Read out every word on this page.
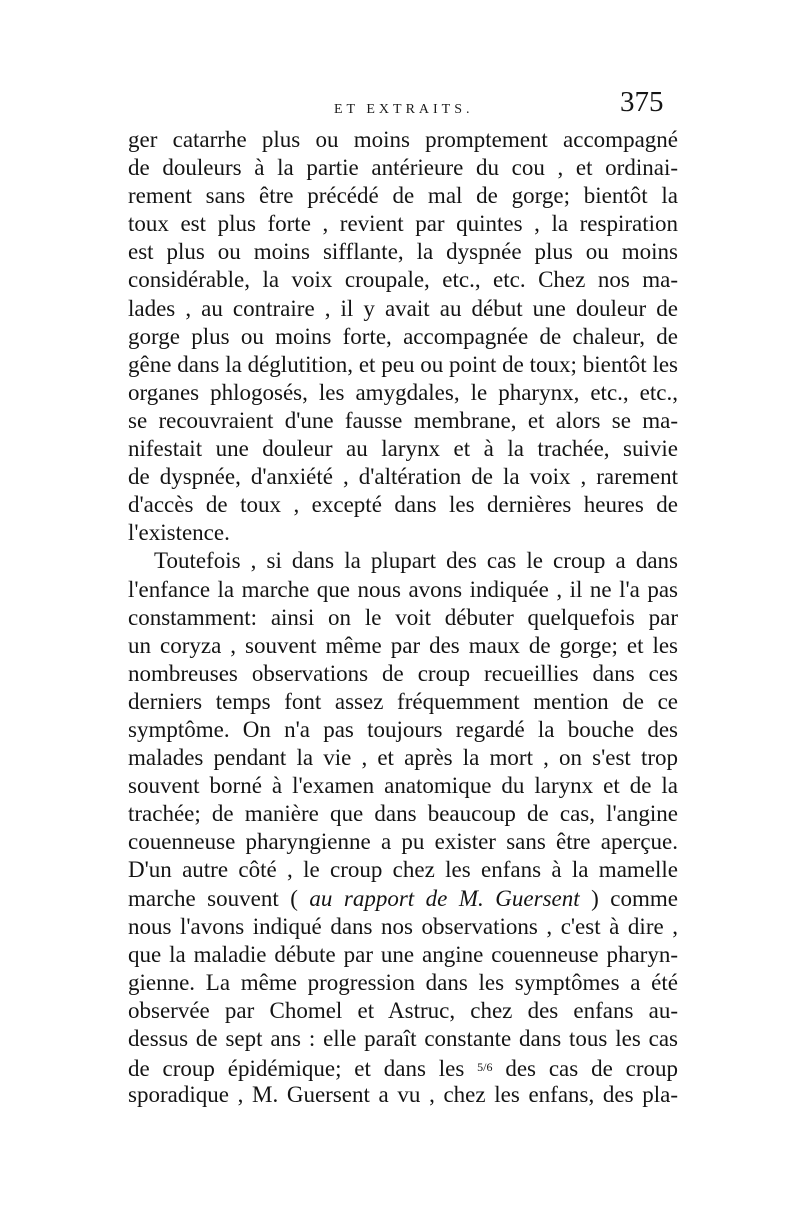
ET EXTRAITS.	375
ger catarrhe plus ou moins promptement accompagné
de douleurs à la partie antérieure du cou , et ordinai-
rement sans être précédé de mal de gorge; bientôt la
toux est plus forte , revient par quintes , la respiration
est plus ou moins sifflante, la dyspnée plus ou moins
considérable, la voix croupale, etc., etc. Chez nos ma-
lades , au contraire , il y avait au début une douleur de
gorge plus ou moins forte, accompagnée de chaleur, de
gêne dans la déglutition, et peu ou point de toux; bientôt les
organes phlogosés, les amygdales, le pharynx, etc., etc.,
se recouvraient d'une fausse membrane, et alors se ma-
nifestait une douleur au larynx et à la trachée, suivie
de dyspnée, d'anxiété , d'altération de la voix , rarement
d'accès de toux , excepté dans les dernières heures de
l'existence.
Toutefois , si dans la plupart des cas le croup a dans
l'enfance la marche que nous avons indiquée , il ne l'a pas
constamment: ainsi on le voit débuter quelquefois par
un coryza , souvent même par des maux de gorge; et les
nombreuses observations de croup recueillies dans ces
derniers temps font assez fréquemment mention de ce
symptôme. On n'a pas toujours regardé la bouche des
malades pendant la vie , et après la mort , on s'est trop
souvent borné à l'examen anatomique du larynx et de la
trachée; de manière que dans beaucoup de cas, l'angine
couenneuse pharyngienne a pu exister sans être aperçue.
D'un autre côté , le croup chez les enfans à la mamelle
marche souvent ( au rapport de M. Guersent ) comme
nous l'avons indiqué dans nos observations , c'est à dire ,
que la maladie débute par une angine couenneuse pharyn-
gienne. La même progression dans les symptômes a été
observée par Chomel et Astruc, chez des enfans au-
dessus de sept ans : elle paraît constante dans tous les cas
de croup épidémique; et dans les $^{5/6}$ des cas de croup
sporadique , M. Guersent a vu , chez les enfans, des pla-
